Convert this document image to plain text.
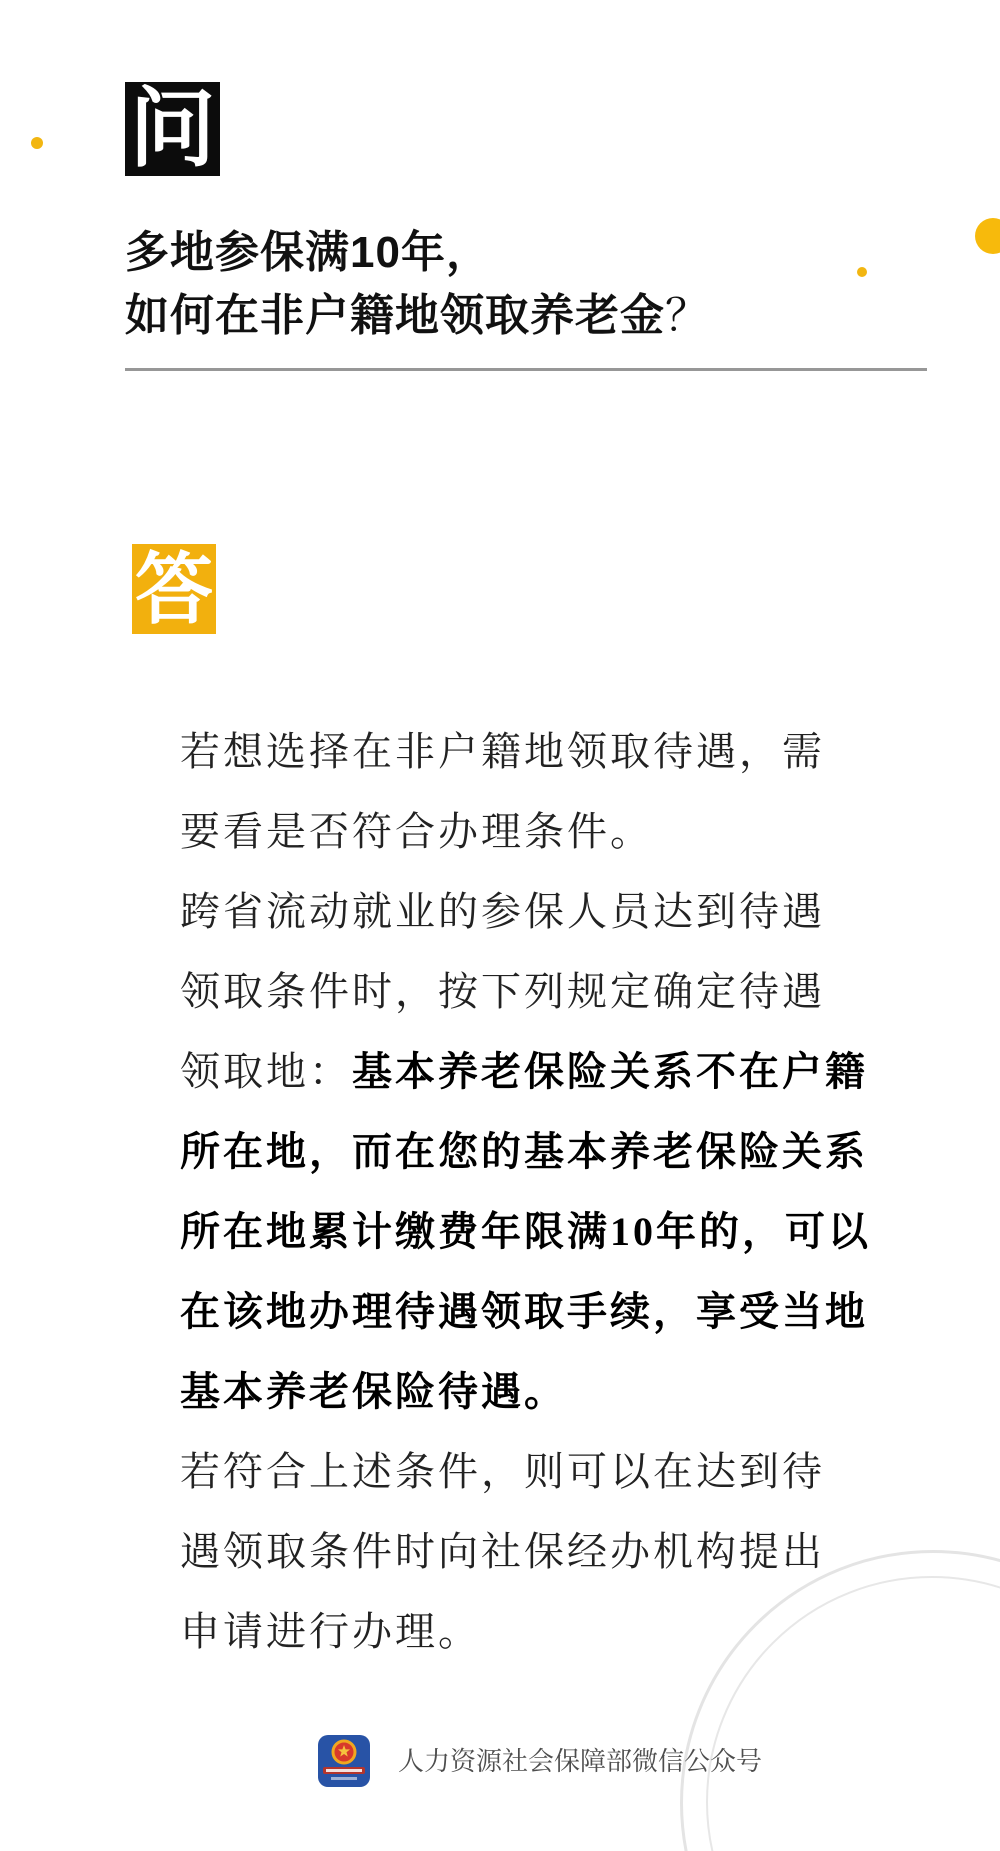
问
多地参保满10年，
如何在非户籍地领取养老金？
答
若想选择在非户籍地领取待遇，需
要看是否符合办理条件。
跨省流动就业的参保人员达到待遇
领取条件时，按下列规定确定待遇
领取地：基本养老保险关系不在户籍
所在地，而在您的基本养老保险关系
所在地累计缴费年限满10年的，可以
在该地办理待遇领取手续，享受当地
基本养老保险待遇。
若符合上述条件，则可以在达到待
遇领取条件时向社保经办机构提出
申请进行办理。
人力资源社会保障部微信公众号
